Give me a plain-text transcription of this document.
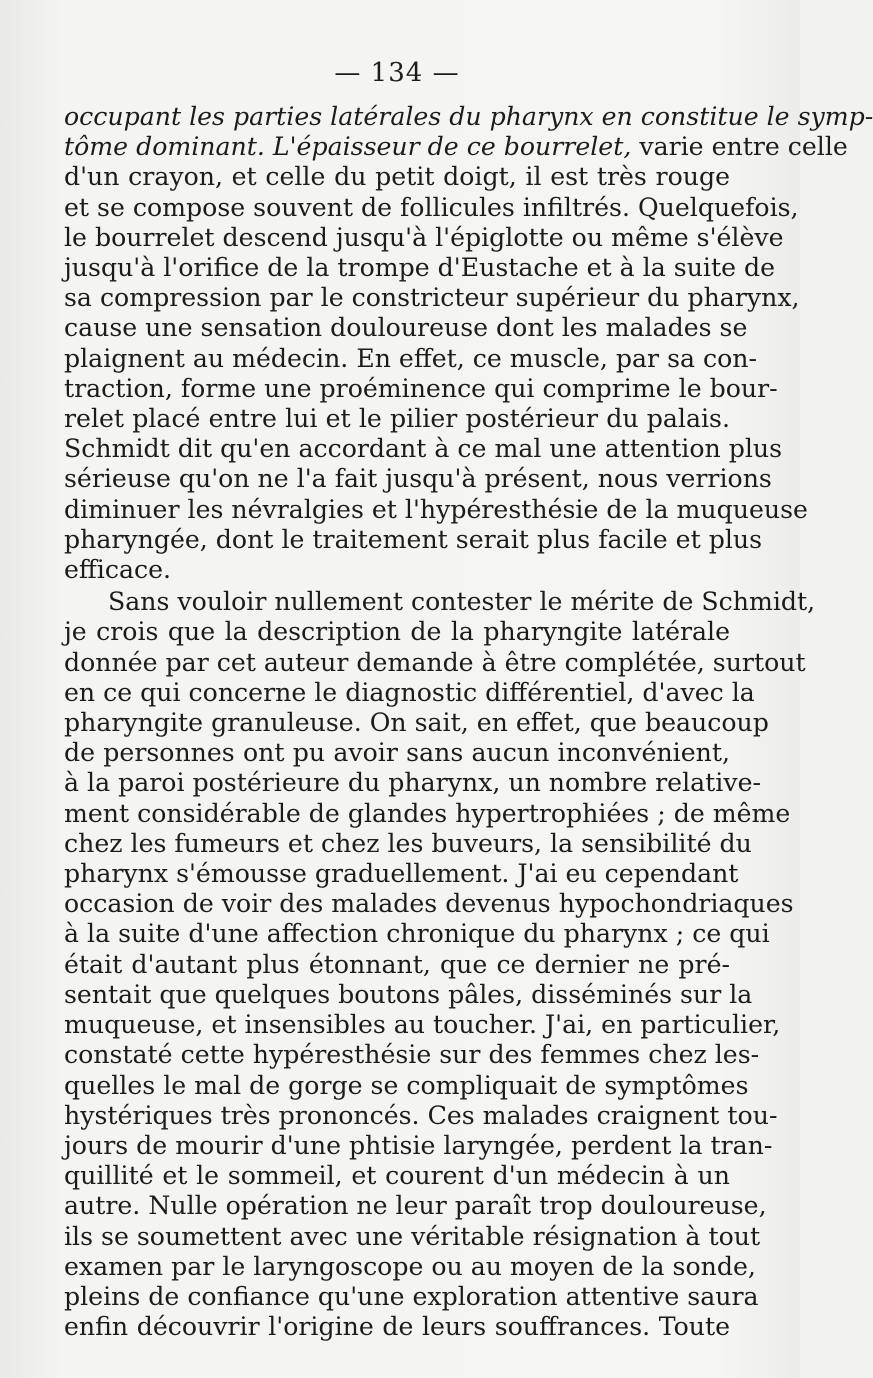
— 134 —

occupant les parties latérales du pharynx en constitue le symp-
tôme dominant. L'épaisseur de ce bourrelet, varie entre celle
d'un crayon, et celle du petit doigt, il est très rouge
et se compose souvent de follicules infiltrés. Quelquefois,
le bourrelet descend jusqu'à l'épiglotte ou même s'élève
jusqu'à l'orifice de la trompe d'Eustache et à la suite de
sa compression par le constricteur supérieur du pharynx,
cause une sensation douloureuse dont les malades se
plaignent au médecin. En effet, ce muscle, par sa con-
traction, forme une proéminence qui comprime le bour-
relet placé entre lui et le pilier postérieur du palais.
Schmidt dit qu'en accordant à ce mal une attention plus
sérieuse qu'on ne l'a fait jusqu'à présent, nous verrions
diminuer les névralgies et l'hypéresthésie de la muqueuse
pharyngée, dont le traitement serait plus facile et plus
efficace.

Sans vouloir nullement contester le mérite de Schmidt,
je crois que la description de la pharyngite latérale
donnée par cet auteur demande à être complétée, surtout
en ce qui concerne le diagnostic différentiel, d'avec la
pharyngite granuleuse. On sait, en effet, que beaucoup
de personnes ont pu avoir sans aucun inconvénient,
à la paroi postérieure du pharynx, un nombre relative-
ment considérable de glandes hypertrophiées ; de même
chez les fumeurs et chez les buveurs, la sensibilité du
pharynx s'émousse graduellement. J'ai eu cependant
occasion de voir des malades devenus hypochondriaques
à la suite d'une affection chronique du pharynx ; ce qui
était d'autant plus étonnant, que ce dernier ne pré-
sentait que quelques boutons pâles, disséminés sur la
muqueuse, et insensibles au toucher. J'ai, en particulier,
constaté cette hypéresthésie sur des femmes chez les-
quelles le mal de gorge se compliquait de symptômes
hystériques très prononcés. Ces malades craignent tou-
jours de mourir d'une phtisie laryngée, perdent la tran-
quillité et le sommeil, et courent d'un médecin à un
autre. Nulle opération ne leur paraît trop douloureuse,
ils se soumettent avec une véritable résignation à tout
examen par le laryngoscope ou au moyen de la sonde,
pleins de confiance qu'une exploration attentive saura
enfin découvrir l'origine de leurs souffrances. Toute
